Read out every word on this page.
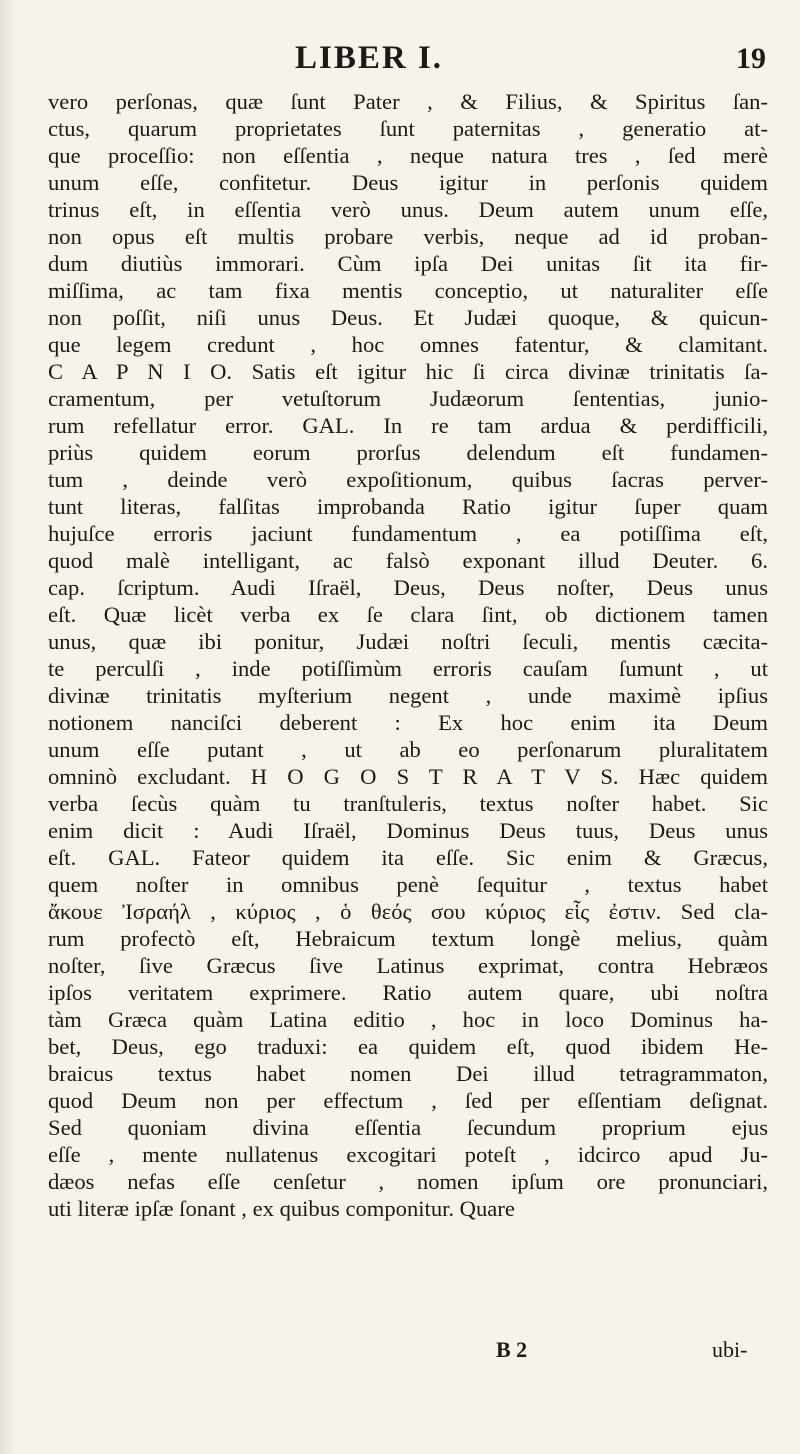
LIBER I.	19
vero perſonas, quæ ſunt Pater , & Filius, & Spiritus ſan-
ctus, quarum proprietates ſunt paternitas , generatio at-
que proceſſio: non eſſentia , neque natura tres , ſed merè
unum eſſe, confitetur. Deus igitur in perſonis quidem
trinus eſt, in eſſentia verò unus. Deum autem unum eſſe,
non opus eſt multis probare verbis, neque ad id proban-
dum diutiùs immorari. Cùm ipſa Dei unitas ſit ita fir-
miſſima, ac tam fixa mentis conceptio, ut naturaliter eſſe
non poſſit, niſi unus Deus. Et Judæi quoque, & quicun-
que legem credunt , hoc omnes fatentur, & clamitant.
C A P N I O. Satis eſt igitur hic ſi circa divinæ trinitatis ſa-
cramentum, per vetuſtorum Judæorum ſententias, junio-
rum refellatur error. GAL. In re tam ardua & perdifficili,
priùs quidem eorum prorſus delendum eſt fundamen-
tum , deinde verò expoſitionum, quibus ſacras perver-
tunt literas, falſitas improbanda Ratio igitur ſuper quam
hujuſce erroris jaciunt fundamentum , ea potiſſima eſt,
quod malè intelligant, ac falsò exponant illud Deuter. 6.
cap. ſcriptum. Audi Iſraël, Deus, Deus noſter, Deus unus
eſt. Quæ licèt verba ex ſe clara ſint, ob dictionem tamen
unus, quæ ibi ponitur, Judæi noſtri ſeculi, mentis cæcita-
te perculſi , inde potiſſimùm erroris cauſam ſumunt , ut
divinæ trinitatis myſterium negent , unde maximè ipſius
notionem nanciſci deberent : Ex hoc enim ita Deum
unum eſſe putant , ut ab eo perſonarum pluralitatem
omninò excludant. H O G O S T R A T V S. Hæc quidem
verba ſecùs quàm tu tranſtuleris, textus noſter habet. Sic
enim dicit : Audi Iſraël, Dominus Deus tuus, Deus unus
eſt. GAL. Fateor quidem ita eſſe. Sic enim & Græcus,
quem noſter in omnibus penè ſequitur , textus habet
ἄκουε Ἰσραήλ , κύριος , ὁ θεός σου κύριος εἷς ἐστιν. Sed cla-
rum profectò eſt, Hebraicum textum longè melius, quàm
noſter, ſive Græcus ſive Latinus exprimat, contra Hebræos
ipſos veritatem exprimere. Ratio autem quare, ubi noſtra
tàm Græca quàm Latina editio , hoc in loco Dominus ha-
bet, Deus, ego traduxi: ea quidem eſt, quod ibidem He-
braicus textus habet nomen Dei illud tetragrammaton,
quod Deum non per effectum , ſed per eſſentiam deſignat.
Sed quoniam divina eſſentia ſecundum proprium ejus
eſſe , mente nullatenus excogitari poteſt , idcirco apud Ju-
dæos nefas eſſe cenſetur , nomen ipſum ore pronunciari,
uti literæ ipſæ ſonant , ex quibus componitur. Quare
B 2	ubi-
